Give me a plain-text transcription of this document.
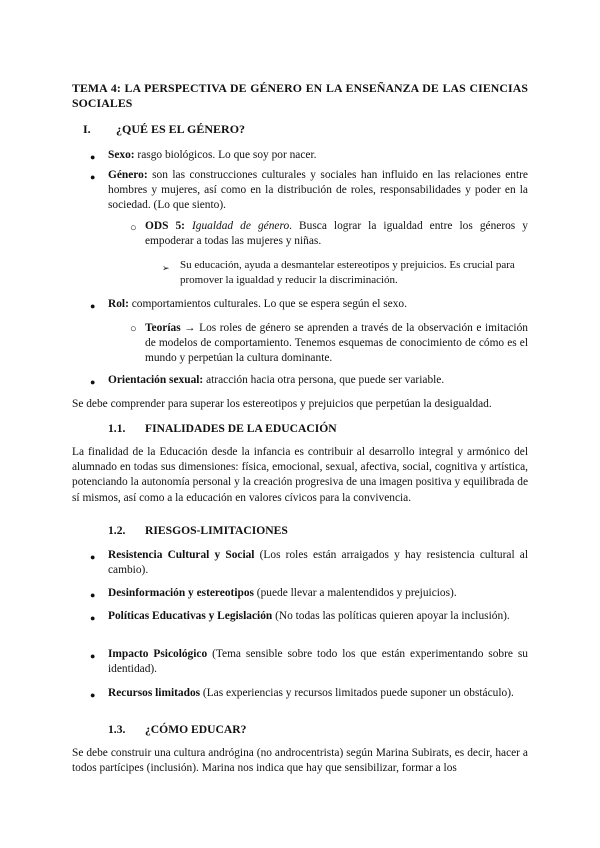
TEMA 4: LA PERSPECTIVA DE GÉNERO EN LA ENSEÑANZA DE LAS CIENCIAS SOCIALES

I. ¿QUÉ ES EL GÉNERO?
● Sexo: rasgo biológicos. Lo que soy por nacer.

● Género: son las construcciones culturales y sociales han influido en las relaciones entre hombres y mujeres, así como en la distribución de roles, responsabilidades y poder en la sociedad. (Lo que siento).

○ ODS 5: Igualdad de género. Busca lograr la igualdad entre los géneros y empoderar a todas las mujeres y niñas.

➢ Su educación, ayuda a desmantelar estereotipos y prejuicios. Es crucial para promover la igualdad y reducir la discriminación.

● Rol: comportamientos culturales. Lo que se espera según el sexo.

○ Teorías → Los roles de género se aprenden a través de la observación e imitación de modelos de comportamiento. Tenemos esquemas de conocimiento de cómo es el mundo y perpetúan la cultura dominante.

● Orientación sexual: atracción hacia otra persona, que puede ser variable.

Se debe comprender para superar los estereotipos y prejuicios que perpetúan la desigualdad.

1.1. FINALIDADES DE LA EDUCACIÓN

La finalidad de la Educación desde la infancia es contribuir al desarrollo integral y armónico del alumnado en todas sus dimensiones: física, emocional, sexual, afectiva, social, cognitiva y artística, potenciando la autonomía personal y la creación progresiva de una imagen positiva y equilibrada de sí mismos, así como a la educación en valores cívicos para la convivencia.

1.2. RIESGOS-LIMITACIONES
● Resistencia Cultural y Social (Los roles están arraigados y hay resistencia cultural al cambio).

● Desinformación y estereotipos (puede llevar a malentendidos y prejuicios).

● Políticas Educativas y Legislación (No todas las políticas quieren apoyar la inclusión).

● Impacto Psicológico (Tema sensible sobre todo los que están experimentando sobre su identidad).

● Recursos limitados (Las experiencias y recursos limitados puede suponer un obstáculo).

1.3. ¿CÓMO EDUCAR?

Se debe construir una cultura andrógina (no androcentrista) según Marina Subirats, es decir, hacer a todos partícipes (inclusión). Marina nos indica que hay que sensibilizar, formar a los
